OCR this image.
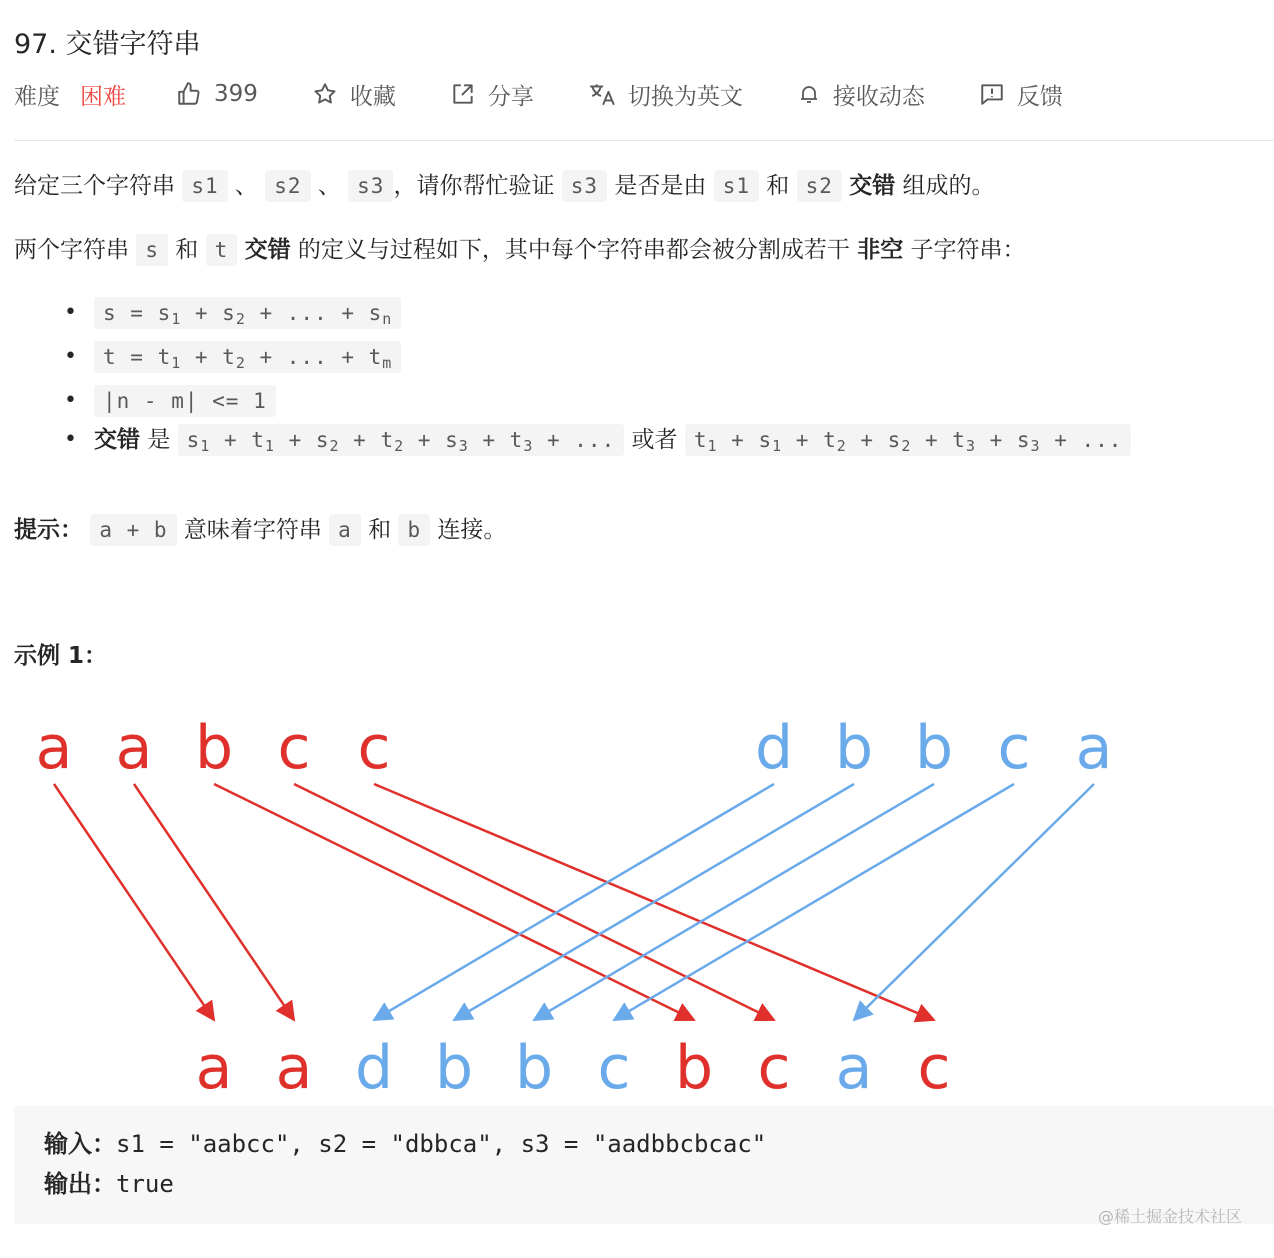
97. 交错字符串
难度 困难	399	收藏	分享	切换为英文	接收动态	反馈

给定三个字符串 s1 、 s2 、 s3 ，请你帮忙验证 s3 是否是由 s1 和 s2 交错 组成的。

两个字符串 s 和 t 交错 的定义与过程如下，其中每个字符串都会被分割成若干 非空 子字符串：

• $s = s_1 + s_2$ + ... + $s_n$
• $t = t_1 + t_2$ + ... + $t_m$
• |n - m| <= 1
• 交错 是 $s_1 + t_1 + s_2 + t_2 + s_3 + t_3$ + ... 或者 $t_1 + s_1 + t_2 + s_2 + t_3 + s_3$ + ...

提示： a + b 意味着字符串 a 和 b 连接。

示例 1：

a a b c c	d b b c a
a a d b b c b c a c
输入：s1 = "aabcc", s2 = "dbbca", s3 = "aadbbcbcac"
输出：true
@稀土掘金技术社区
